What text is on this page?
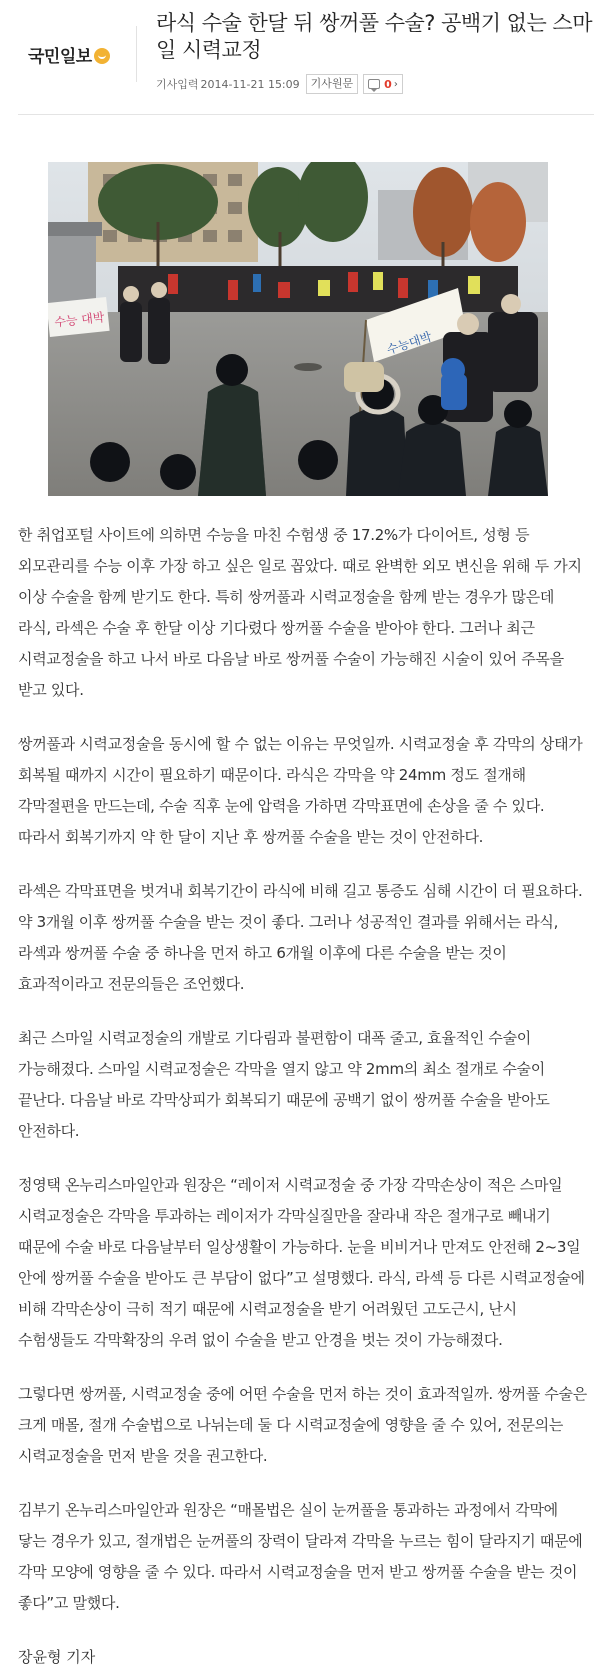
국민일보
라식 수술 한달 뒤 쌍꺼풀 수술? 공백기 없는 스마일 시력교정
기사입력 2014-11-21 15:09	기사원문	0 ›
수능 대박
수능대박

한 취업포털 사이트에 의하면 수능을 마친 수험생 중 17.2%가 다이어트, 성형 등 외모관리를 수능 이후 가장 하고 싶은 일로 꼽았다. 때로 완벽한 외모 변신을 위해 두 가지 이상 수술을 함께 받기도 한다. 특히 쌍꺼풀과 시력교정술을 함께 받는 경우가 많은데 라식, 라섹은 수술 후 한달 이상 기다렸다 쌍꺼풀 수술을 받아야 한다. 그러나 최근 시력교정술을 하고 나서 바로 다음날 바로 쌍꺼풀 수술이 가능해진 시술이 있어 주목을 받고 있다.

쌍꺼풀과 시력교정술을 동시에 할 수 없는 이유는 무엇일까. 시력교정술 후 각막의 상태가 회복될 때까지 시간이 필요하기 때문이다. 라식은 각막을 약 24mm 정도 절개해 각막절편을 만드는데, 수술 직후 눈에 압력을 가하면 각막표면에 손상을 줄 수 있다. 따라서 회복기까지 약 한 달이 지난 후 쌍꺼풀 수술을 받는 것이 안전하다.

라섹은 각막표면을 벗겨내 회복기간이 라식에 비해 길고 통증도 심해 시간이 더 필요하다. 약 3개월 이후 쌍꺼풀 수술을 받는 것이 좋다. 그러나 성공적인 결과를 위해서는 라식, 라섹과 쌍꺼풀 수술 중 하나을 먼저 하고 6개월 이후에 다른 수술을 받는 것이 효과적이라고 전문의들은 조언했다.

최근 스마일 시력교정술의 개발로 기다림과 불편함이 대폭 줄고, 효율적인 수술이 가능해졌다. 스마일 시력교정술은 각막을 열지 않고 약 2mm의 최소 절개로 수술이 끝난다. 다음날 바로 각막상피가 회복되기 때문에 공백기 없이 쌍꺼풀 수술을 받아도 안전하다.

정영택 온누리스마일안과 원장은 “레이저 시력교정술 중 가장 각막손상이 적은 스마일 시력교정술은 각막을 투과하는 레이저가 각막실질만을 잘라내 작은 절개구로 빼내기 때문에 수술 바로 다음날부터 일상생활이 가능하다. 눈을 비비거나 만져도 안전해 2~3일 안에 쌍꺼풀 수술을 받아도 큰 부담이 없다”고 설명했다. 라식, 라섹 등 다른 시력교정술에 비해 각막손상이 극히 적기 때문에 시력교정술을 받기 어려웠던 고도근시, 난시 수험생들도 각막확장의 우려 없이 수술을 받고 안경을 벗는 것이 가능해졌다.

그렇다면 쌍꺼풀, 시력교정술 중에 어떤 수술을 먼저 하는 것이 효과적일까. 쌍꺼풀 수술은 크게 매몰, 절개 수술법으로 나뉘는데 둘 다 시력교정술에 영향을 줄 수 있어, 전문의는 시력교정술을 먼저 받을 것을 권고한다.

김부기 온누리스마일안과 원장은 “매몰법은 실이 눈꺼풀을 통과하는 과정에서 각막에 닿는 경우가 있고, 절개법은 눈꺼풀의 장력이 달라져 각막을 누르는 힘이 달라지기 때문에 각막 모양에 영향을 줄 수 있다. 따라서 시력교정술을 먼저 받고 쌍꺼풀 수술을 받는 것이 좋다”고 말했다.

장윤형 기자
